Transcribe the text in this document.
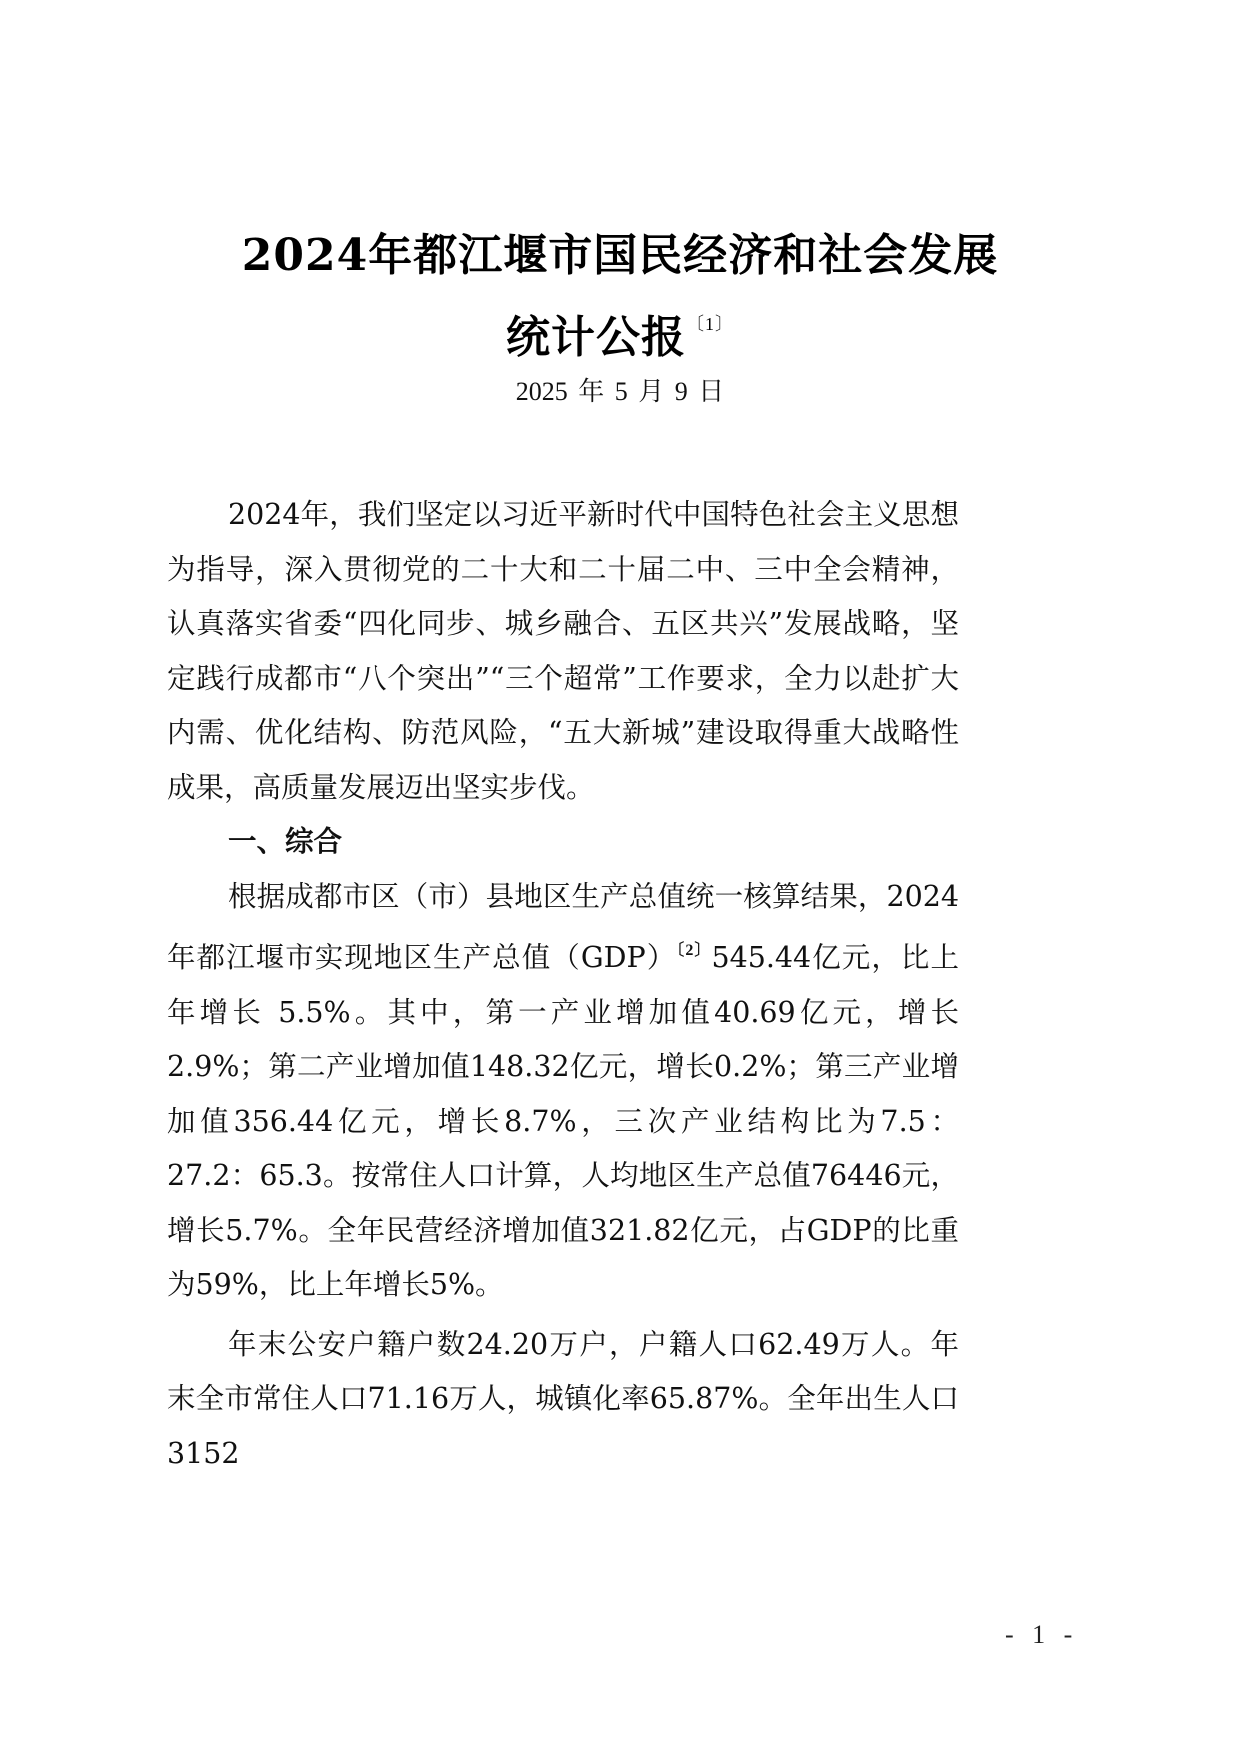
2024年都江堰市国民经济和社会发展
统计公报$^{〔1〕}$
2025 年 5 月 9 日

2024年，我们坚定以习近平新时代中国特色社会主义思想为指导，深入贯彻党的二十大和二十届二中、三中全会精神，认真落实省委“四化同步、城乡融合、五区共兴”发展战略，坚定践行成都市“八个突出”“三个超常”工作要求，全力以赴扩大内需、优化结构、防范风险，“五大新城”建设取得重大战略性成果，高质量发展迈出坚实步伐。

一、综合

根据成都市区（市）县地区生产总值统一核算结果，2024年都江堰市实现地区生产总值（GDP）$^{〔2〕}$545.44亿元，比上年增长 5.5%。其中，第一产业增加值40.69亿元，增长2.9%；第二产业增加值148.32亿元，增长0.2%；第三产业增加值356.44亿元，增长8.7%，三次产业结构比为7.5：27.2：65.3。按常住人口计算，人均地区生产总值76446元，增长5.7%。全年民营经济增加值321.82亿元，占GDP的比重为59%，比上年增长5%。

年末公安户籍户数24.20万户，户籍人口62.49万人。年末全市常住人口71.16万人，城镇化率65.87%。全年出生人口3152

- 1 -
